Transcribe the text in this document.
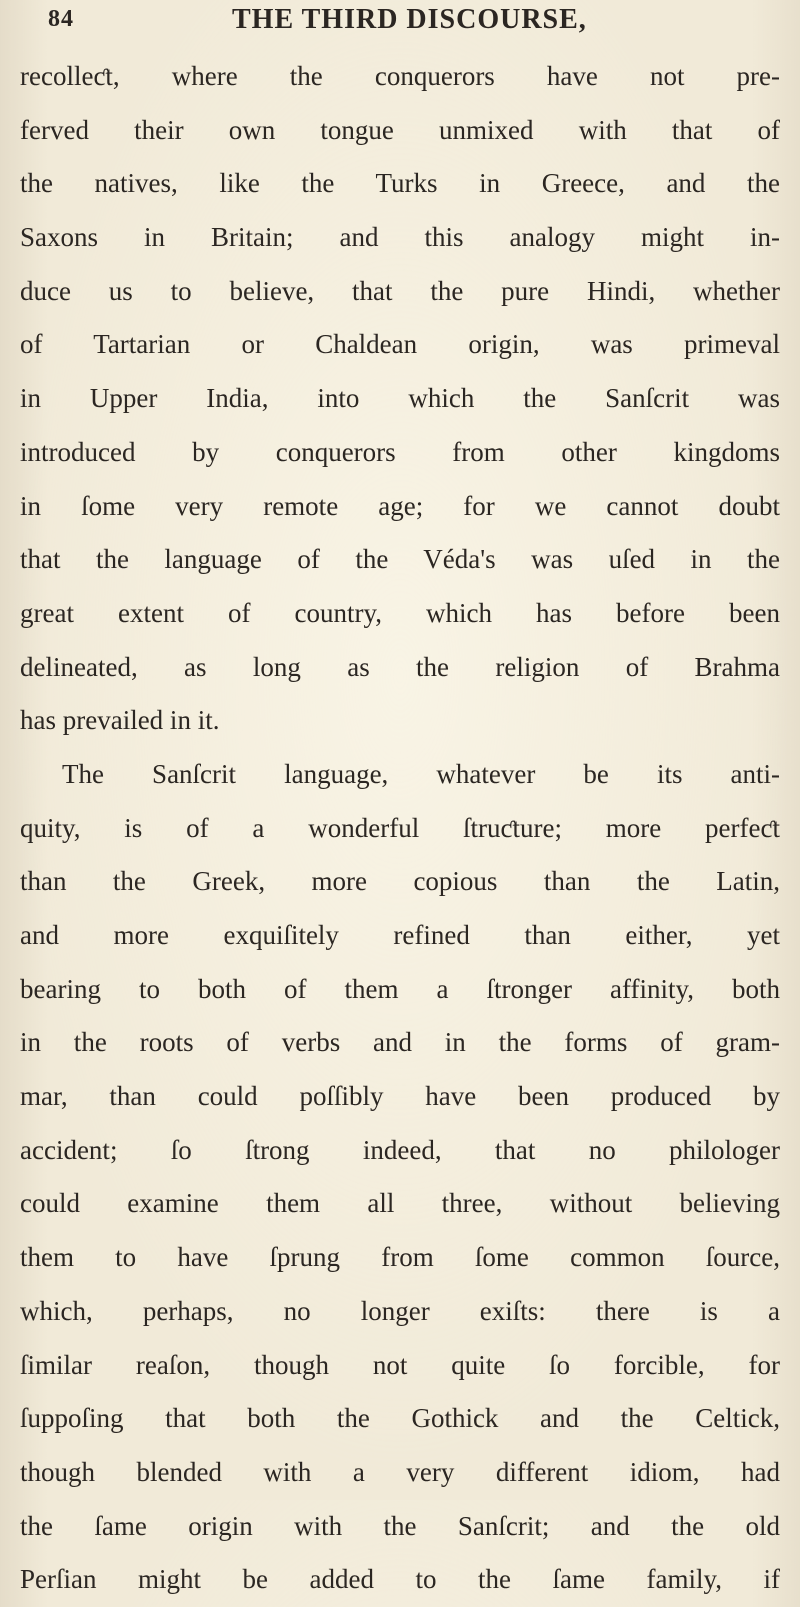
84	THE THIRD DISCOURSE,
recolleƈt, where the conquerors have not pre-
ferved their own tongue unmixed with that of
the natives, like the Turks in Greece, and the
Saxons in Britain; and this analogy might in-
duce us to believe, that the pure Hindi, whether
of Tartarian or Chaldean origin, was primeval
in Upper India, into which the Sanſcrit was
introduced by conquerors from other kingdoms
in ſome very remote age; for we cannot doubt
that the language of the Véda's was uſed in the
great extent of country, which has before been
delineated, as long as the religion of Brahma
has prevailed in it.
The Sanſcrit language, whatever be its anti-
quity, is of a wonderful ſtruƈture; more perfeƈt
than the Greek, more copious than the Latin,
and more exquiſitely refined than either, yet
bearing to both of them a ſtronger affinity, both
in the roots of verbs and in the forms of gram-
mar, than could poſſibly have been produced by
accident; ſo ſtrong indeed, that no philologer
could examine them all three, without believing
them to have ſprung from ſome common ſource,
which, perhaps, no longer exiſts: there is a
ſimilar reaſon, though not quite ſo forcible, for
ſuppoſing that both the Gothick and the Celtick,
though blended with a very different idiom, had
the ſame origin with the Sanſcrit; and the old
Perſian might be added to the ſame family, if
